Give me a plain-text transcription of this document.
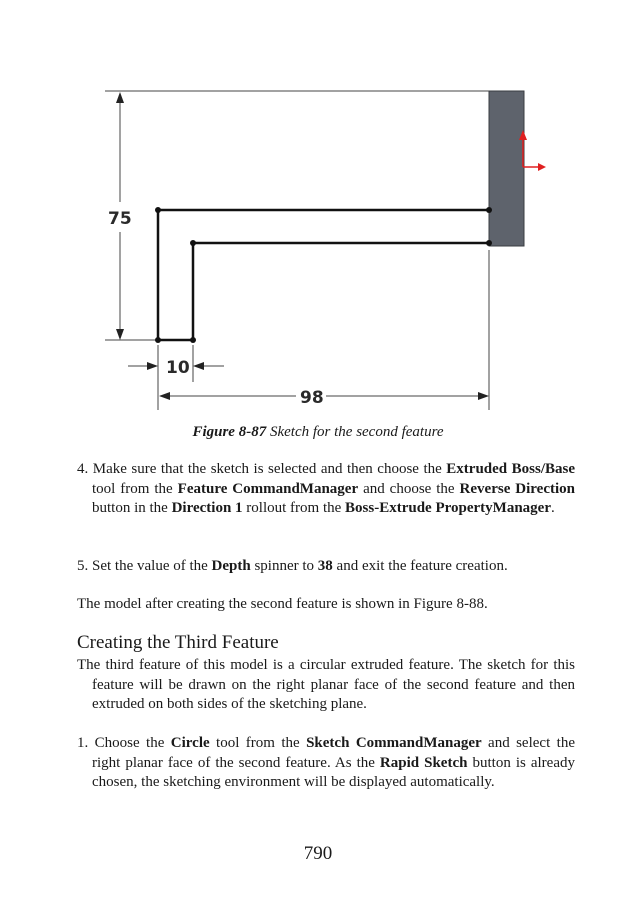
75
10
98
Figure 8-87 Sketch for the second feature
4. Make sure that the sketch is selected and then choose the Extruded Boss/Base tool from the Feature CommandManager and choose the Reverse Direction button in the Direction 1 rollout from the Boss-Extrude PropertyManager.
5. Set the value of the Depth spinner to 38 and exit the feature creation.
The model after creating the second feature is shown in Figure 8-88.
Creating the Third Feature
The third feature of this model is a circular extruded feature. The sketch for this feature will be drawn on the right planar face of the second feature and then extruded on both sides of the sketching plane.
1. Choose the Circle tool from the Sketch CommandManager and select the right planar face of the second feature. As the Rapid Sketch button is already chosen, the sketching environment will be displayed automatically.
790
